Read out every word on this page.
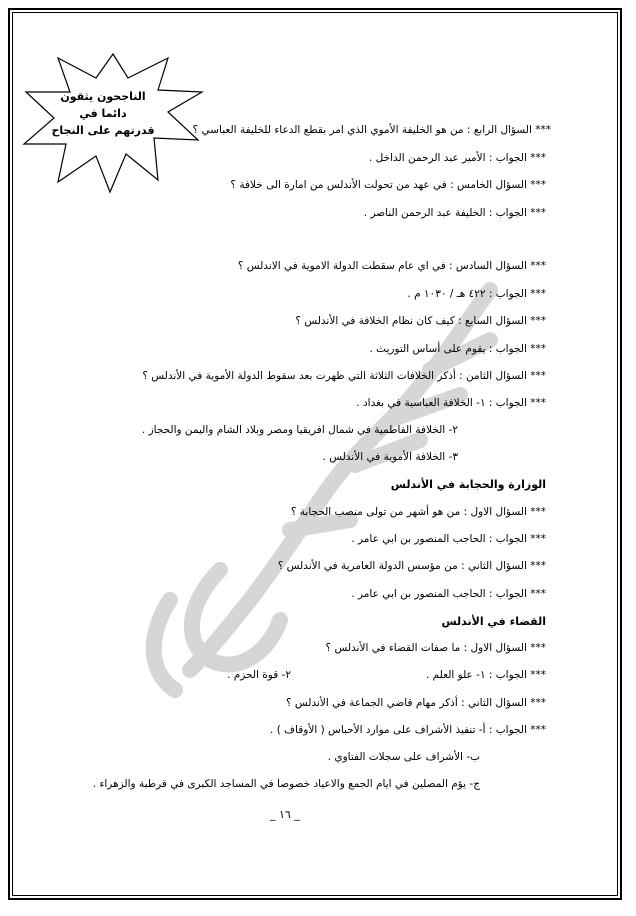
الناجحون يثقون دائما في
قدرتهم على النجاح	*** السؤال الرابع : من هو الخليفة الأموي الذي امر بقطع الدعاء للخليفة العباسي ؟
*** الجواب : الأمير عبد الرحمن الداخل .
*** السؤال الخامس : في عهد من تحولت الأندلس من امارة الى خلافة ؟
*** الجواب : الخليفة عبد الرحمن الناصر .
*** السؤال السادس : في اي عام سقطت الدولة الاموية في الاندلس ؟
*** الجواب : ٤٢٢ هـ / ١٠٣٠ م .
*** السؤال السابع : كيف كان نظام الخلافة في الأندلس ؟
*** الجواب : يقوم على أساس التوريث .
*** السؤال الثامن : أذكر الخلافات الثلاثة التي ظهرت بعد سقوط الدولة الأموية في الأندلس ؟
*** الجواب : ١- الخلافة العباسية في بغداد .
٢- الخلافة الفاطمية في شمال افريقيا ومصر وبلاد الشام واليمن والحجاز .
٣- الخلافة الأموية في الأندلس .
الوزارة والحجابة في الأندلس
*** السؤال الاول : من هو أشهر من تولى منصب الحجابة ؟
*** الجواب : الحاجب المنصور بن ابي عامر .
*** السؤال الثاني : من مؤسس الدولة العامرية في الأندلس ؟
*** الجواب : الحاجب المنصور بن ابي عامر .
القضاء في الأندلس
*** السؤال الاول : ما صفات القضاء في الأندلس ؟
*** الجواب : ١- علو العلم .
٢- قوة الحزم .
*** السؤال الثاني : أذكر مهام قاضي الجماعة في الأندلس ؟
*** الجواب : أ- تنفيذ الأشراف على موارد الأحباس ( الأوقاف ) .
ب- الأشراف على سجلات الفتاوي .
ج- يؤم المصلين في ايام الجمع والاعياد خصوصا في المساجد الكبرى في قرطبة والزهراء .
_ ١٦ _
